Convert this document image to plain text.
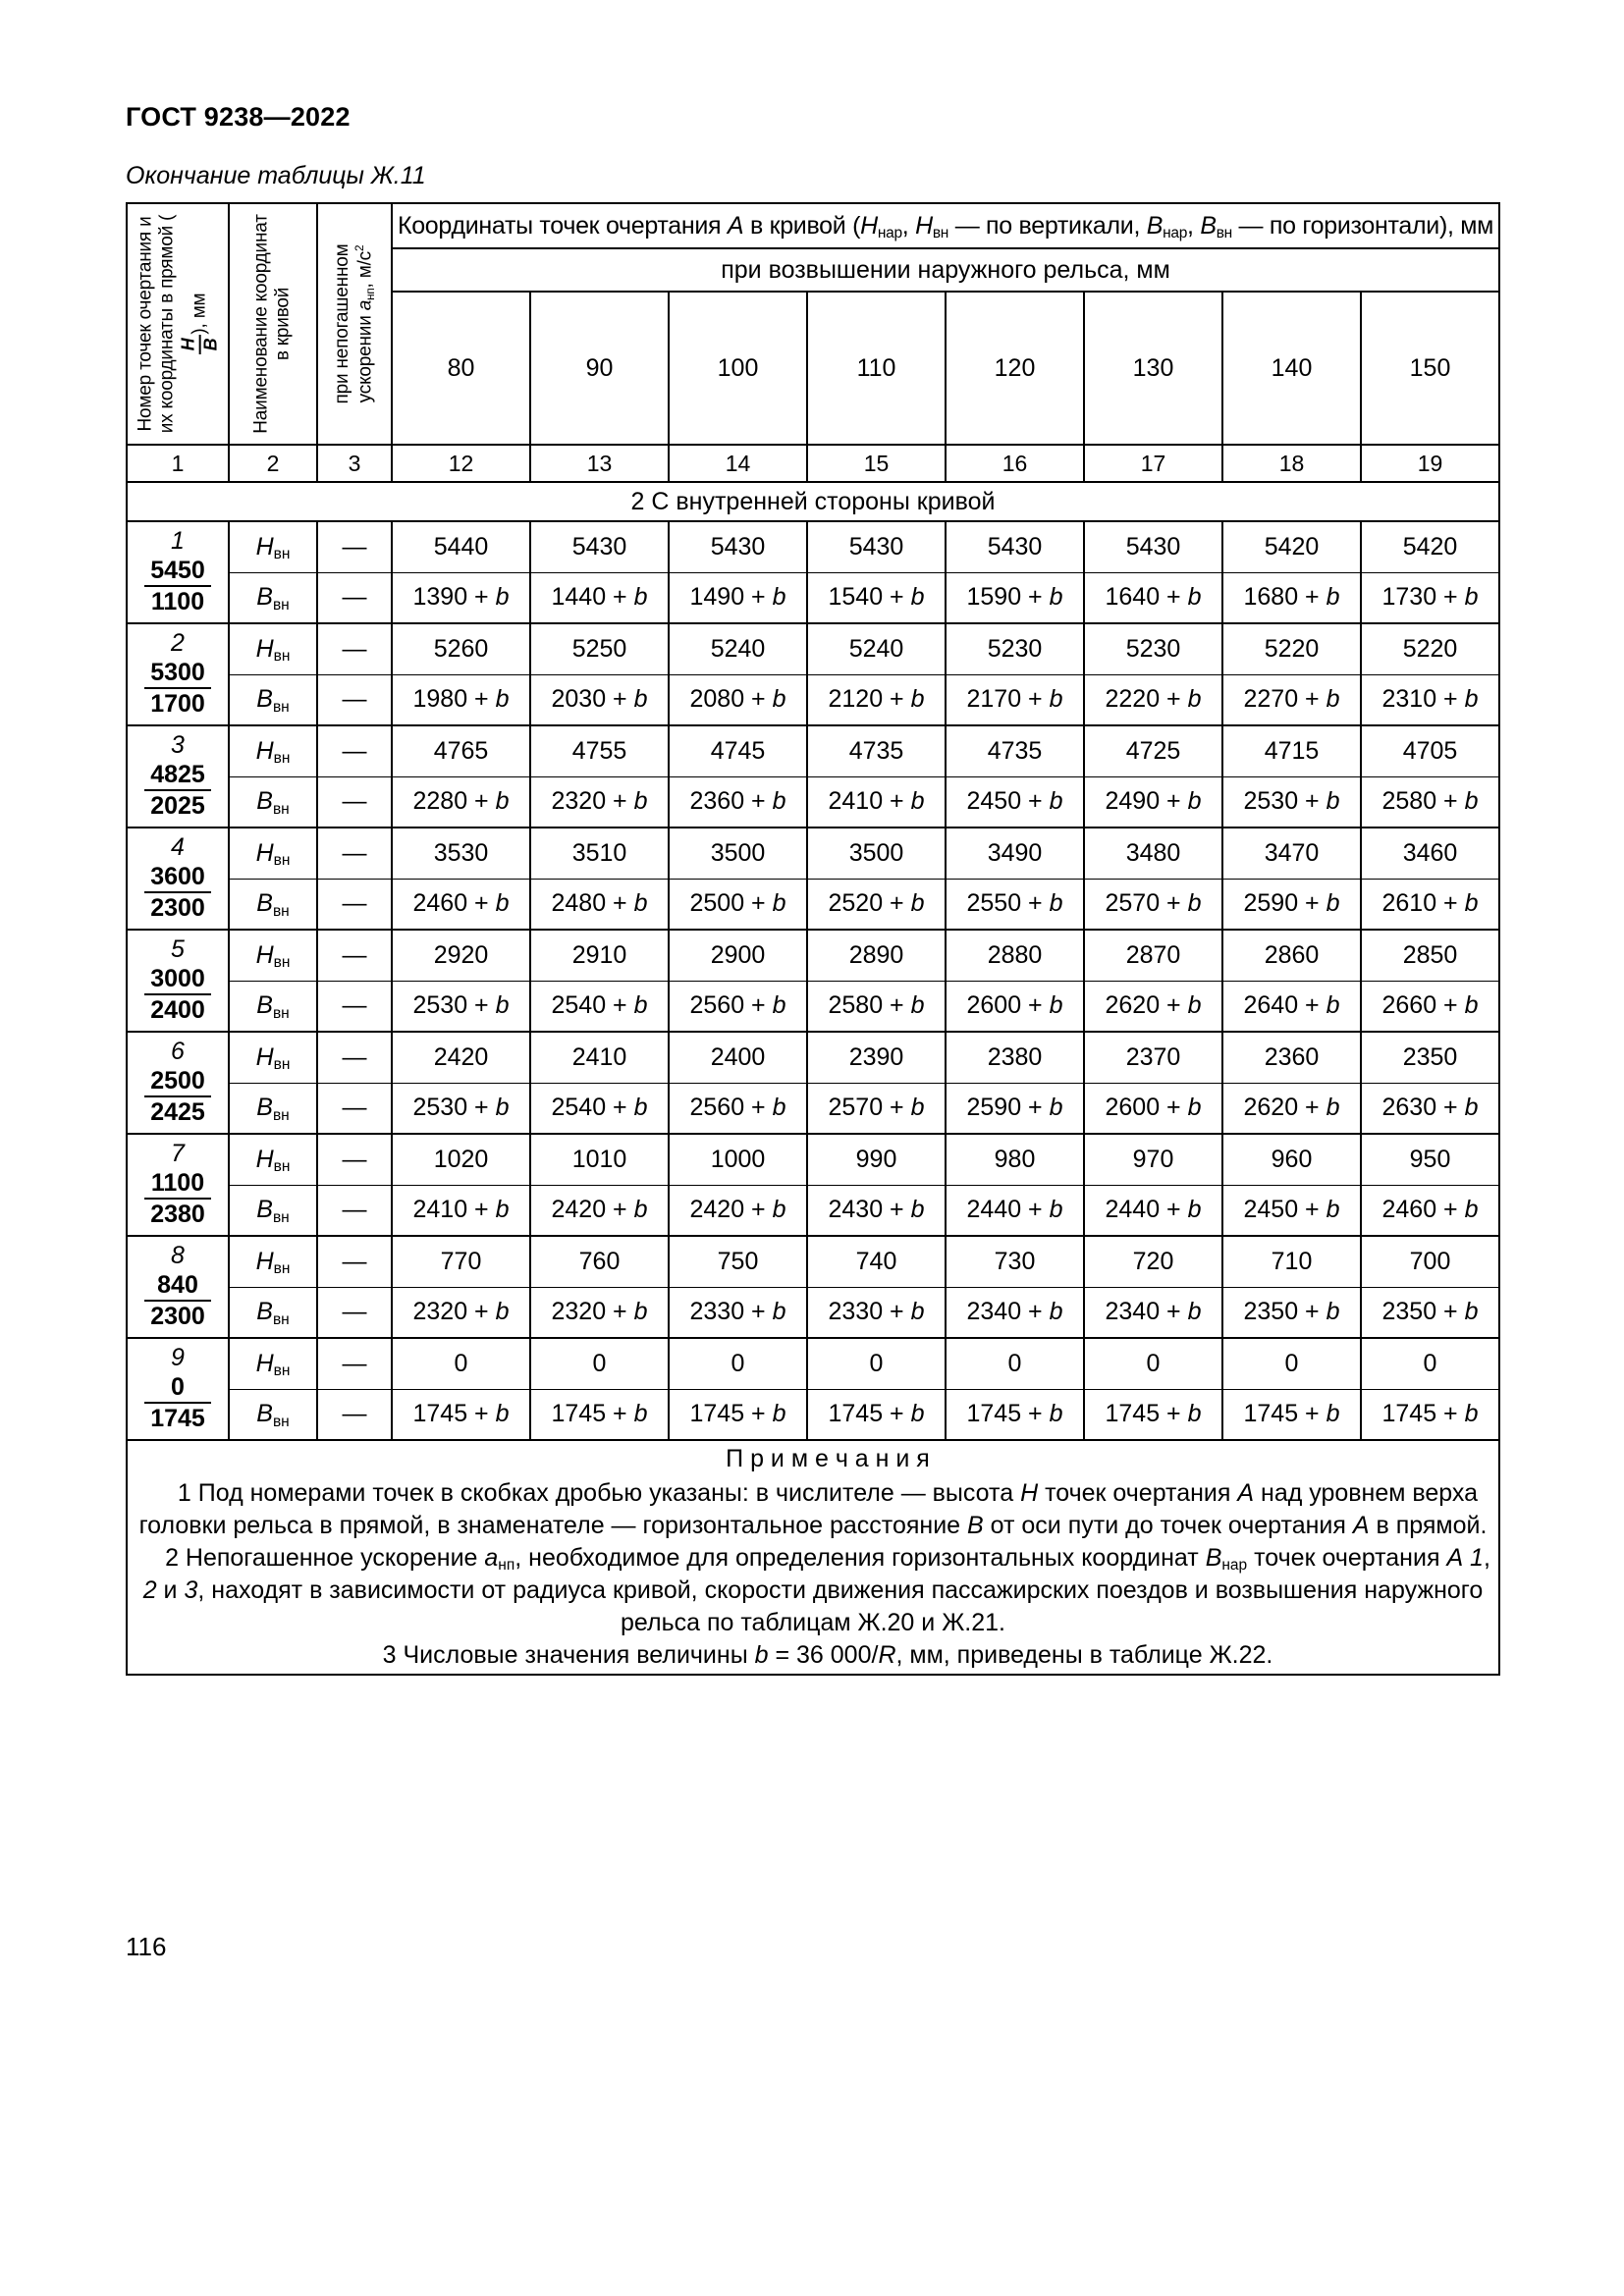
ГОСТ 9238—2022
Окончание таблицы Ж.11
Номер точек очертания и их координаты в прямой ( Н В
), мм	Наименование координат в кривой	при непогашенном ускорении $а_{нп}$, $м/с^2$	Координаты точек очертания А в кривой ($Н_{нар}$, $Н_{вн}$ — по вертикали, $В_{нар}$, $В_{вн}$ — по горизонтали), мм							
			при возвышении наружного рельса, мм							
			80	90	100	110	120	130	140	150
1	2	3	12	13	14	15	16	17	18	19
2 С внутренней стороны кривой										

1
$\frac{5450}{1100}$	$Н_{вн}$	—	5440	5430	5430	5430	5430	5430	5420	5420
	$В_{вн}$	—	1390 + b	1440 + b	1490 + b	1540 + b	1590 + b	1640 + b	1680 + b	1730 + b

2
$\frac{5300}{1700}$	$Н_{вн}$	—	5260	5250	5240	5240	5230	5230	5220	5220
	$В_{вн}$	—	1980 + b	2030 + b	2080 + b	2120 + b	2170 + b	2220 + b	2270 + b	2310 + b

3
$\frac{4825}{2025}$	$Н_{вн}$	—	4765	4755	4745	4735	4735	4725	4715	4705
	$В_{вн}$	—	2280 + b	2320 + b	2360 + b	2410 + b	2450 + b	2490 + b	2530 + b	2580 + b

4
$\frac{3600}{2300}$	$Н_{вн}$	—	3530	3510	3500	3500	3490	3480	3470	3460
	$В_{вн}$	—	2460 + b	2480 + b	2500 + b	2520 + b	2550 + b	2570 + b	2590 + b	2610 + b

5
$\frac{3000}{2400}$	$Н_{вн}$	—	2920	2910	2900	2890	2880	2870	2860	2850
	$В_{вн}$	—	2530 + b	2540 + b	2560 + b	2580 + b	2600 + b	2620 + b	2640 + b	2660 + b

6
$\frac{2500}{2425}$	$Н_{вн}$	—	2420	2410	2400	2390	2380	2370	2360	2350
	$В_{вн}$	—	2530 + b	2540 + b	2560 + b	2570 + b	2590 + b	2600 + b	2620 + b	2630 + b

7
$\frac{1100}{2380}$	$Н_{вн}$	—	1020	1010	1000	990	980	970	960	950
	$В_{вн}$	—	2410 + b	2420 + b	2420 + b	2430 + b	2440 + b	2440 + b	2450 + b	2460 + b

8
$\frac{840}{2300}$	$Н_{вн}$	—	770	760	750	740	730	720	710	700
	$В_{вн}$	—	2320 + b	2320 + b	2330 + b	2330 + b	2340 + b	2340 + b	2350 + b	2350 + b

9
$\frac{0}{1745}$	$Н_{вн}$	—	0	0	0	0	0	0	0	0
	$В_{вн}$	—	1745 + b	1745 + b	1745 + b	1745 + b	1745 + b	1745 + b	1745 + b	1745 + b

П р и м е ч а н и я

1 Под номерами точек в скобках дробью указаны: в числителе — высота Н точек очертания А над уровнем верха головки рельса в прямой, в знаменателе — горизонтальное расстояние В от оси пути до точек очертания А в прямой.

2 Непогашенное ускорение $а_{нп}$, необходимое для определения горизонтальных координат $В_{нар}$ точек очертания А 1, 2 и 3, находят в зависимости от радиуса кривой, скорости движения пассажирских поездов и возвышения наружного рельса по таблицам Ж.20 и Ж.21.

3 Числовые значения величины b = 36 000/R, мм, приведены в таблице Ж.22.										

116
